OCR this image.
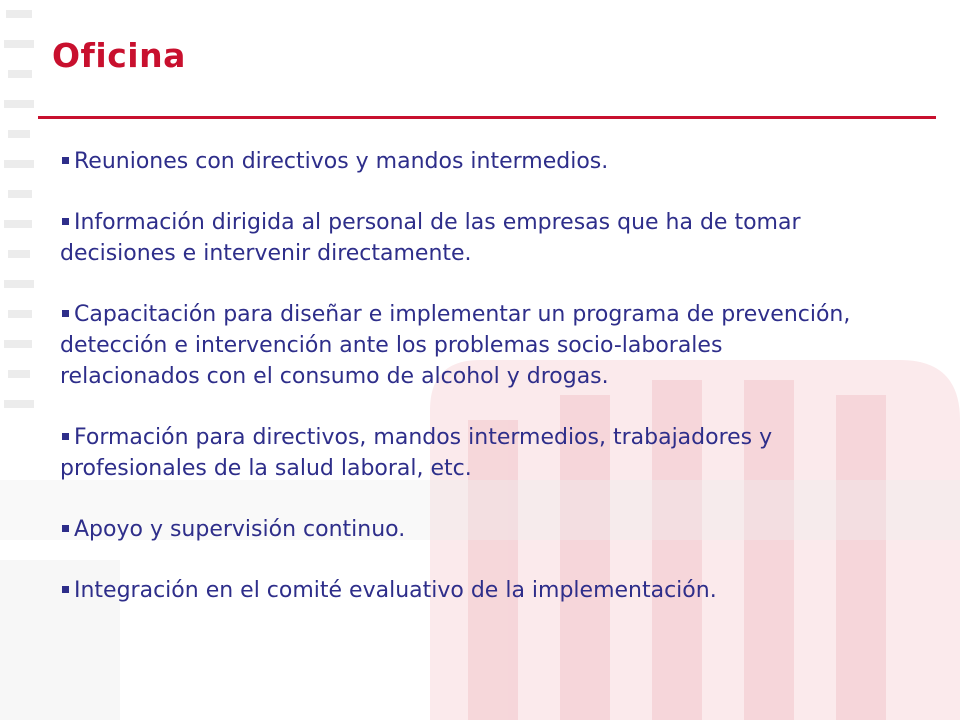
Oficina
Reuniones con directivos y mandos intermedios.
Información dirigida al personal de las empresas que ha de tomar decisiones e intervenir directamente.
Capacitación para diseñar e implementar un programa de prevención, detección e intervención ante los problemas socio-laborales relacionados con el consumo de alcohol y drogas.
Formación para directivos, mandos intermedios, trabajadores y profesionales de la salud laboral, etc.
Apoyo y supervisión continuo.
Integración en el comité evaluativo de la implementación.
